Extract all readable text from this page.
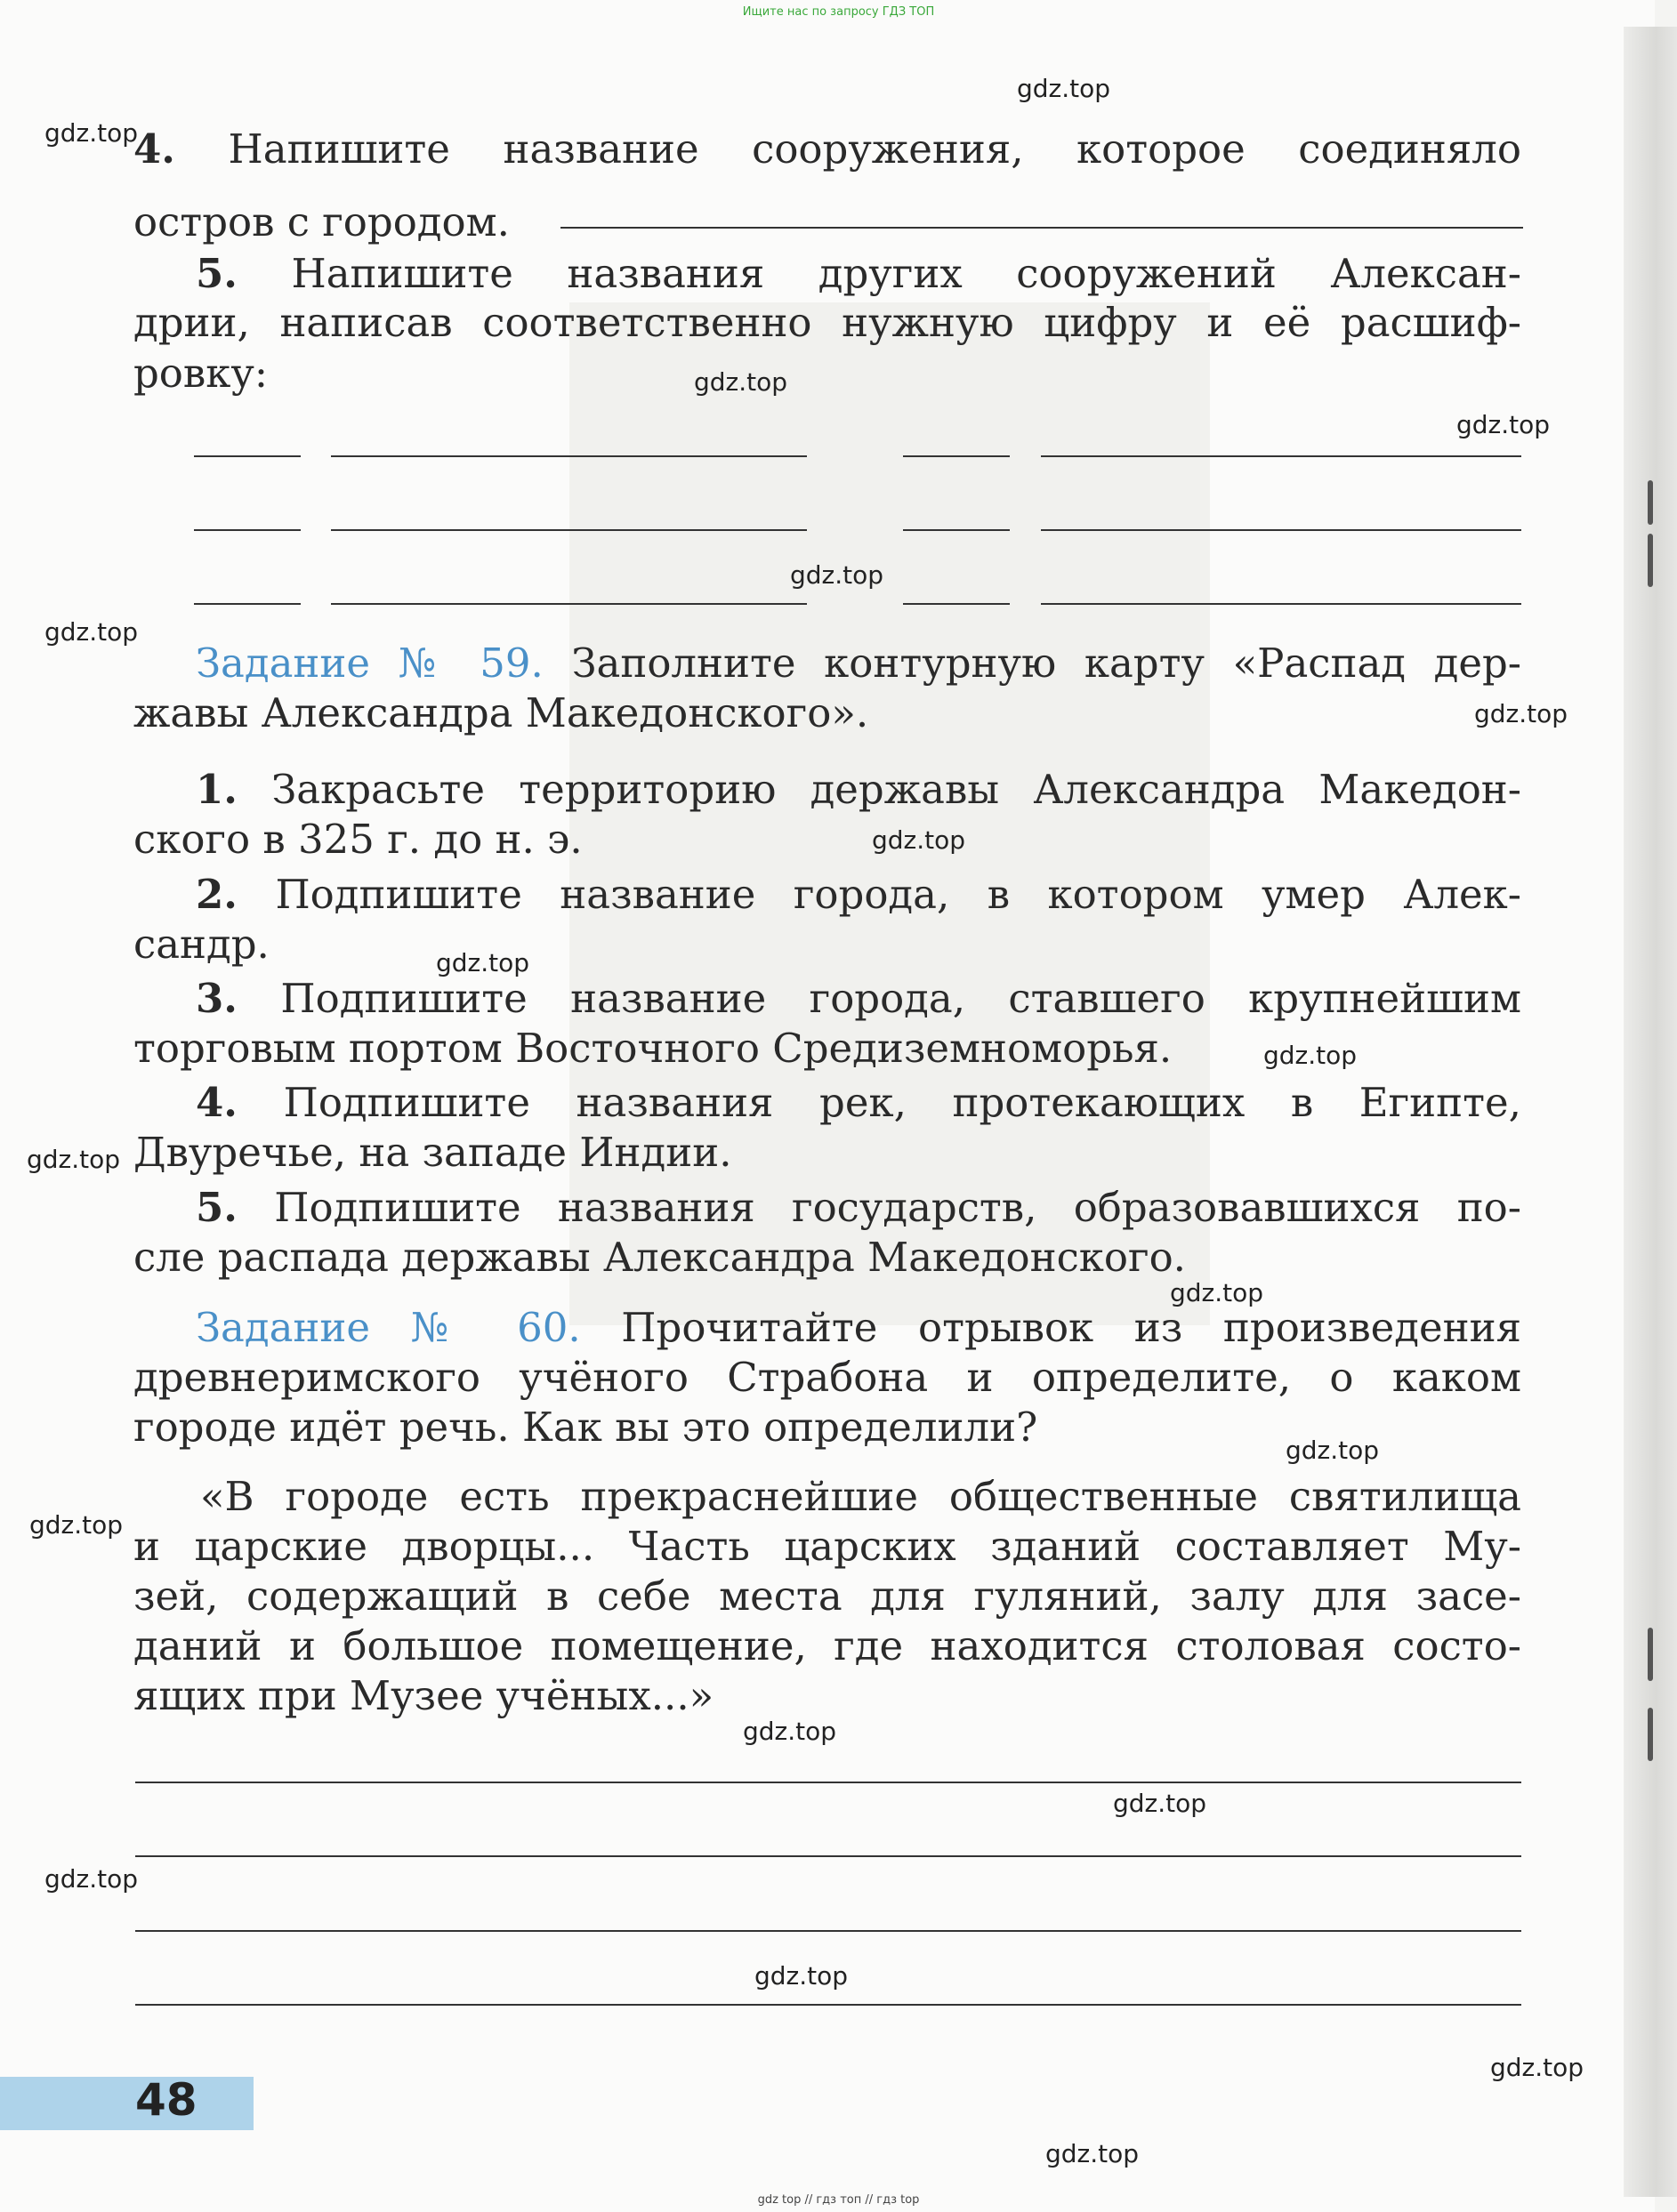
Ищите нас по запросу ГДЗ ТОП
4. Напишите название сооружения, которое соединяло
остров с городом.
5. Напишите названия других сооружений Алексан-
дрии, написав соответственно нужную цифру и её расшиф-
ровку:
Задание № 59. Заполните контурную карту «Распад дер-
жавы Александра Македонского».
1. Закрасьте территорию державы Александра Македон-
ского в 325 г. до н. э.
2. Подпишите название города, в котором умер Алек-
сандр.
3. Подпишите название города, ставшего крупнейшим
торговым портом Восточного Средиземноморья.
4. Подпишите названия рек, протекающих в Египте,
Двуречье, на западе Индии.
5. Подпишите названия государств, образовавшихся по-
сле распада державы Александра Македонского.
Задание № 60. Прочитайте отрывок из произведения
древнеримского учёного Страбона и определите, о каком
городе идёт речь. Как вы это определили?
«В городе есть прекраснейшие общественные святилища
и царские дворцы... Часть царских зданий составляет Му-
зей, содержащий в себе места для гуляний, залу для засе-
даний и большое помещение, где находится столовая состо-
ящих при Музее учёных...»
48
gdz.top
gdz.top
gdz.top
gdz.top
gdz.top
gdz.top
gdz.top
gdz.top
gdz.top
gdz.top
gdz.top
gdz.top
gdz.top
gdz.top
gdz.top
gdz.top
gdz.top
gdz.top
gdz.top
gdz.top
gdz top // гдз топ // гдз top
